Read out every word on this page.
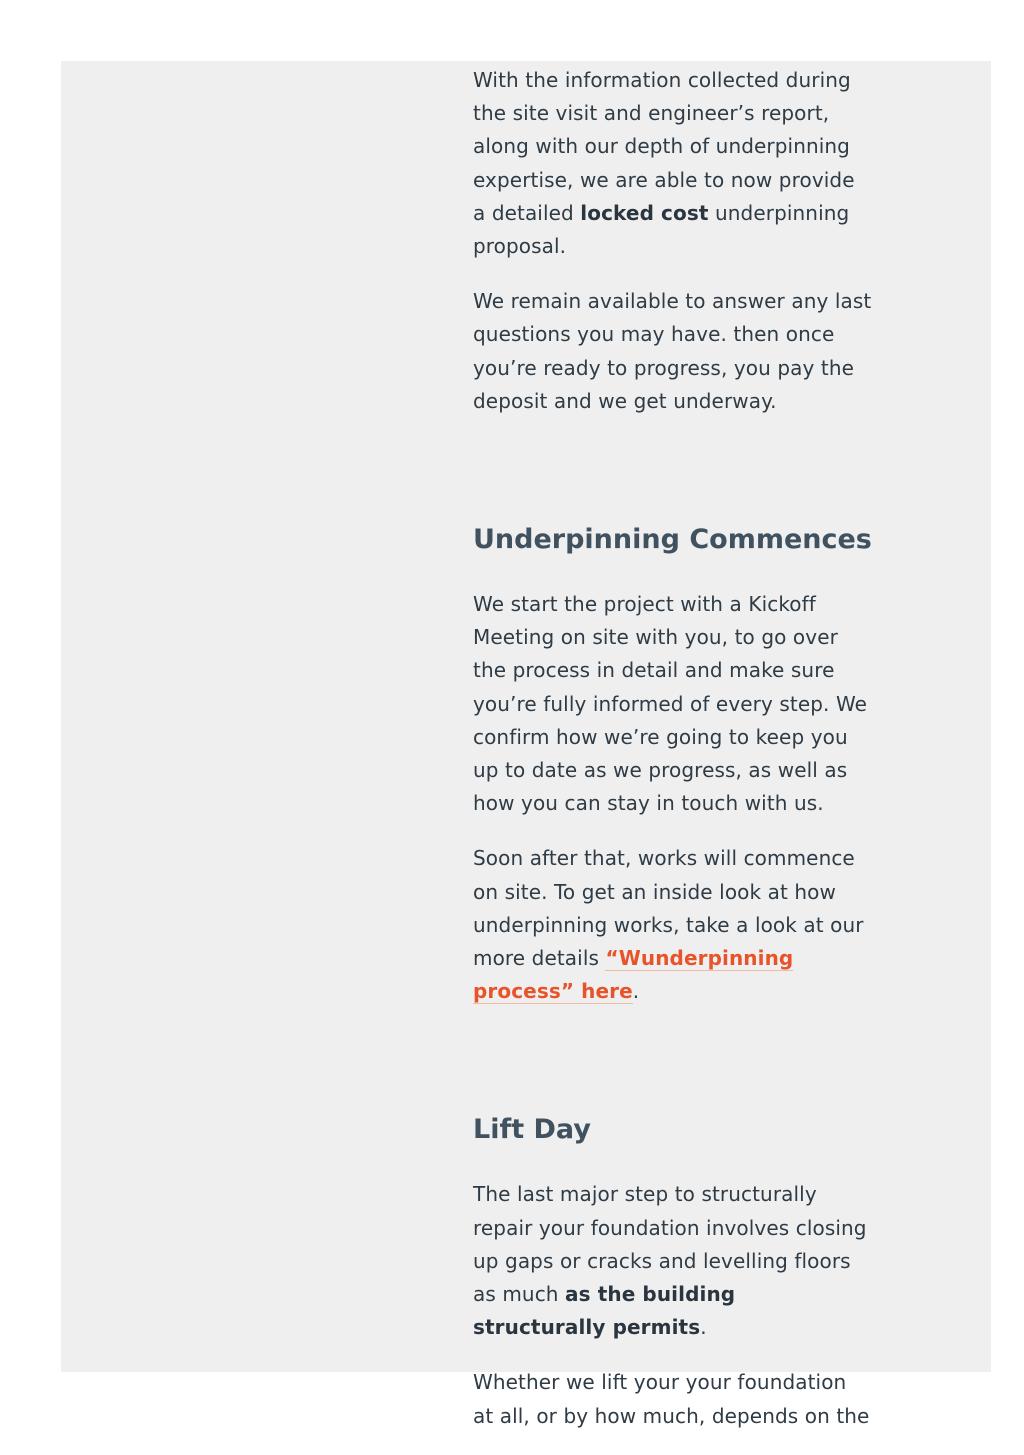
With the information collected during the site visit and engineer’s report, along with our depth of underpinning expertise, we are able to now provide a detailed locked cost underpinning proposal.

We remain available to answer any last questions you may have. then once you’re ready to progress, you pay the deposit and we get underway.

Underpinning Commences

We start the project with a Kickoff Meeting on site with you, to go over the process in detail and make sure you’re fully informed of every step. We confirm how we’re going to keep you up to date as we progress, as well as how you can stay in touch with us.

Soon after that, works will commence on site. To get an inside look at how underpinning works, take a look at our more details “Wunderpinning process” here.

Lift Day

The last major step to structurally repair your foundation involves closing up gaps or cracks and levelling floors as much as the building structurally permits.

Whether we lift your your foundation at all, or by how much, depends on the
